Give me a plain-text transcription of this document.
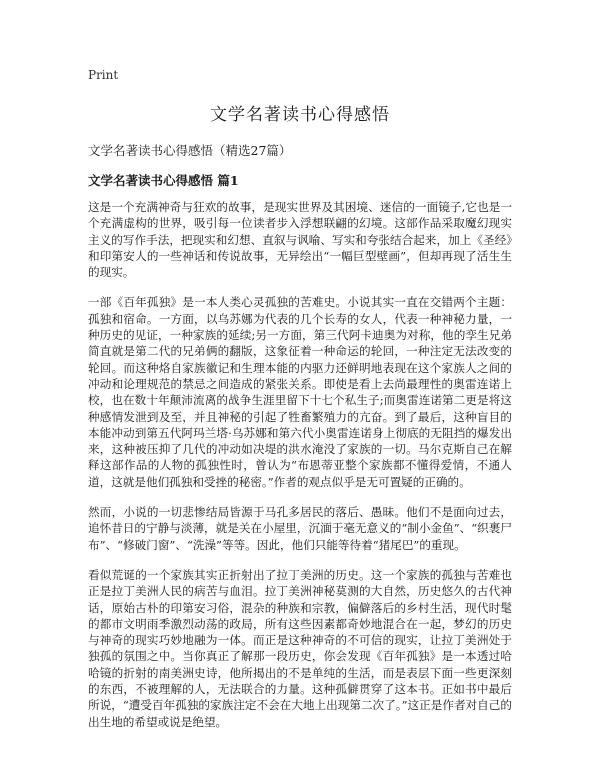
Print
文学名著读书心得感悟
文学名著读书心得感悟（精选27篇）
文学名著读书心得感悟 篇1

这是一个充满神奇与狂欢的故事，是现实世界及其困境、迷信的一面镜子,它也是一个充满虚构的世界，吸引每一位读者步入浮想联翩的幻境。这部作品采取魔幻现实主义的写作手法，把现实和幻想、直叙与讽喻、写实和夸张结合起来，加上《圣经》和印第安人的一些神话和传说故事，无异绘出“一幅巨型壁画”，但却再现了活生生的现实。

一部《百年孤独》是一本人类心灵孤独的苦难史。小说其实一直在交错两个主题：孤独和宿命。一方面，以乌苏娜为代表的几个长寿的女人，代表一种神秘力量，一种历史的见证，一种家族的延续;另一方面，第三代阿卡迪奥为对称，他的孪生兄弟简直就是第二代的兄弟俩的翻版，这象征着一种命运的轮回，一种注定无法改变的轮回。而这种烙自家族徽记和生理本能的内驱力还鲜明地表现在这个家族人之间的冲动和论理规范的禁忌之间造成的紧张关系。即使是看上去尚最理性的奥雷连诺上校，也在数十年颠沛流离的战争生涯里留下十七个私生子;而奥雷连诺第二更是将这种感情发泄到及至，并且神秘的引起了牲畜繁殖力的亢奋。到了最后，这种盲目的本能冲动到第五代阿玛兰塔·乌苏娜和第六代小奥雷连诺身上彻底的无阻挡的爆发出来，这种被压抑了几代的冲动如决堤的洪水淹没了家族的一切。马尔克斯自己在解释这部作品的人物的孤独性时，曾认为“布恩蒂亚整个家族都不懂得爱情，不通人道，这就是他们孤独和受挫的秘密。”作者的观点似乎是无可置疑的正确的。

然而，小说的一切悲惨结局皆源于马孔多居民的落后、愚昧。他们不是面向过去，追怀昔日的宁静与淡薄，就是关在小屋里，沉湎于毫无意义的“制小金鱼”、“织裹尸布”、“修破门窗”、“洗澡”等等。因此，他们只能等待着“猪尾巴”的重现。

看似荒诞的一个家族其实正折射出了拉丁美洲的历史。这一个家族的孤独与苦难也正是拉丁美洲人民的病苦与血泪。拉丁美洲神秘莫测的大自然，历史悠久的古代神话，原始古朴的印第安习俗，混杂的种族和宗教，偏僻落后的乡村生活，现代时髦的都市文明雨季激烈动荡的政局，所有这些因素都奇妙地混合在一起，梦幻的历史与神奇的现实巧妙地融为一体。而正是这种神奇的不可信的现实，让拉丁美洲处于独孤的氛围之中。当你真正了解那一段历史，你会发现《百年孤独》是一本透过哈哈镜的折射的南美洲史诗，他所揭出的不是单纯的生活，而是表层下面一些更深刻的东西，不被理解的人，无法联合的力量。这种孤僻贯穿了这本书。正如书中最后所说，“遭受百年孤独的家族注定不会在大地上出现第二次了。”这正是作者对自己的出生地的希望或说是绝望。
